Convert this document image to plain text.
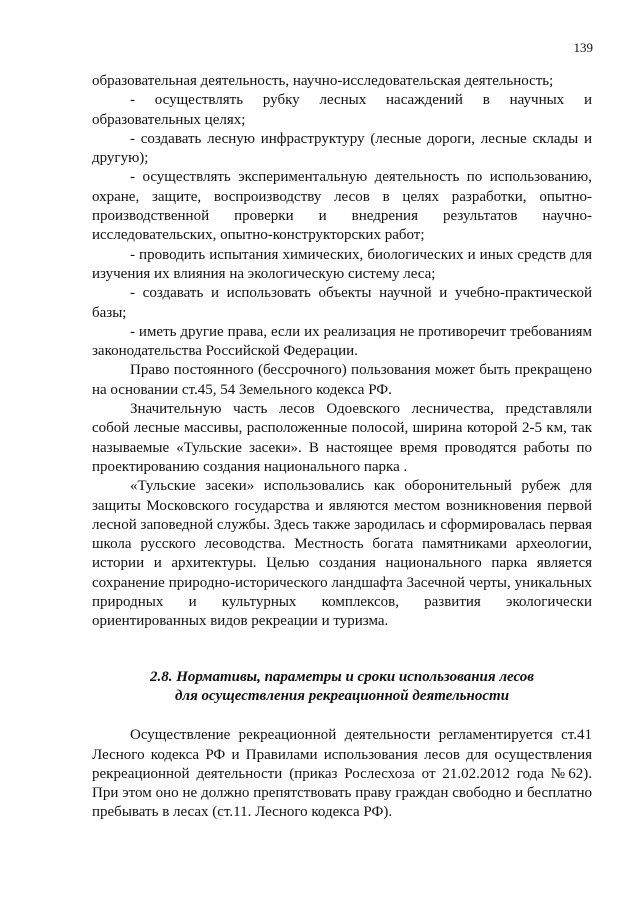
139

образовательная деятельность, научно-исследовательская деятельность;

- осуществлять рубку лесных насаждений в научных и образовательных целях;

- создавать лесную инфраструктуру (лесные дороги, лесные склады и другую);

- осуществлять экспериментальную деятельность по использованию, охране, защите, воспроизводству лесов в целях разработки, опытно-производственной проверки и внедрения результатов научно-исследовательских, опытно-конструкторских работ;

- проводить испытания химических, биологических и иных средств для изучения их влияния на экологическую систему леса;

- создавать и использовать объекты научной и учебно-практической базы;

- иметь другие права, если их реализация не противоречит требованиям законодательства Российской Федерации.

Право постоянного (бессрочного) пользования может быть прекращено на основании ст.45, 54 Земельного кодекса РФ.

Значительную часть лесов Одоевского лесничества, представляли собой лесные массивы, расположенные полосой, ширина которой 2-5 км, так называемые «Тульские засеки». В настоящее время проводятся работы по проектированию создания национального парка .

«Тульские засеки» использовались как оборонительный рубеж для защиты Московского государства и являются местом возникновения первой лесной заповедной службы. Здесь также зародилась и сформировалась первая школа русского лесоводства. Местность богата памятниками археологии, истории и архитектуры. Целью создания национального парка является сохранение природно-исторического ландшафта Засечной черты, уникальных природных и культурных комплексов, развития экологически ориентированных видов рекреации и туризма.

2.8. Нормативы, параметры и сроки использования лесов
для осуществления рекреационной деятельности

Осуществление рекреационной деятельности регламентируется ст.41 Лесного кодекса РФ и Правилами использования лесов для осуществления рекреационной деятельности (приказ Рослесхоза от 21.02.2012 года №62). При этом оно не должно препятствовать праву граждан свободно и бесплатно пребывать в лесах (ст.11. Лесного кодекса РФ).
